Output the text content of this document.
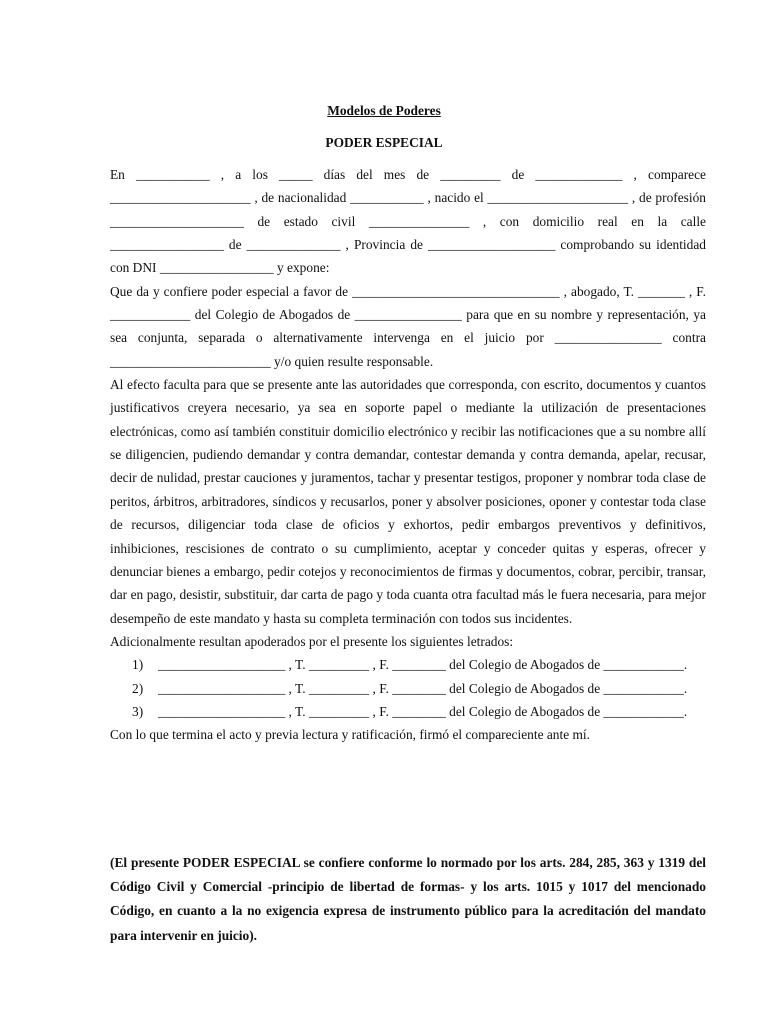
Modelos de Poderes
PODER ESPECIAL

En ___________ , a los _____ días del mes de _________ de _____________ , comparece _____________________ , de nacionalidad ___________ , nacido el _____________________ , de profesión ____________________ de estado civil _______________ , con domicilio real en la calle _________________ de ______________ , Provincia de ___________________ comprobando su identidad con DNI _________________ y expone:

Que da y confiere poder especial a favor de _______________________________ , abogado, T. _______ , F. ____________ del Colegio de Abogados de ________________ para que en su nombre y representación, ya sea conjunta, separada o alternativamente intervenga en el juicio por ________________ contra ________________________ y/o quien resulte responsable.

Al efecto faculta para que se presente ante las autoridades que corresponda, con escrito, documentos y cuantos justificativos creyera necesario, ya sea en soporte papel o mediante la utilización de presentaciones electrónicas, como así también constituir domicilio electrónico y recibir las notificaciones que a su nombre allí se diligencien, pudiendo demandar y contra demandar, contestar demanda y contra demanda, apelar, recusar, decir de nulidad, prestar cauciones y juramentos, tachar y presentar testigos, proponer y nombrar toda clase de peritos, árbitros, arbitradores, síndicos y recusarlos, poner y absolver posiciones, oponer y contestar toda clase de recursos, diligenciar toda clase de oficios y exhortos, pedir embargos preventivos y definitivos, inhibiciones, rescisiones de contrato o su cumplimiento, aceptar y conceder quitas y esperas, ofrecer y denunciar bienes a embargo, pedir cotejos y reconocimientos de firmas y documentos, cobrar, percibir, transar, dar en pago, desistir, substituir, dar carta de pago y toda cuanta otra facultad más le fuera necesaria, para mejor desempeño de este mandato y hasta su completa terminación con todos sus incidentes.

Adicionalmente resultan apoderados por el presente los siguientes letrados:

1) ___________________ , T. _________ , F. ________ del Colegio de Abogados de ____________.
2) ___________________ , T. _________ , F. ________ del Colegio de Abogados de ____________.
3) ___________________ , T. _________ , F. ________ del Colegio de Abogados de ____________.

Con lo que termina el acto y previa lectura y ratificación, firmó el compareciente ante mí.

(El presente PODER ESPECIAL se confiere conforme lo normado por los arts. 284, 285, 363 y 1319 del Código Civil y Comercial -principio de libertad de formas- y los arts. 1015 y 1017 del mencionado Código, en cuanto a la no exigencia expresa de instrumento público para la acreditación del mandato para intervenir en juicio).
